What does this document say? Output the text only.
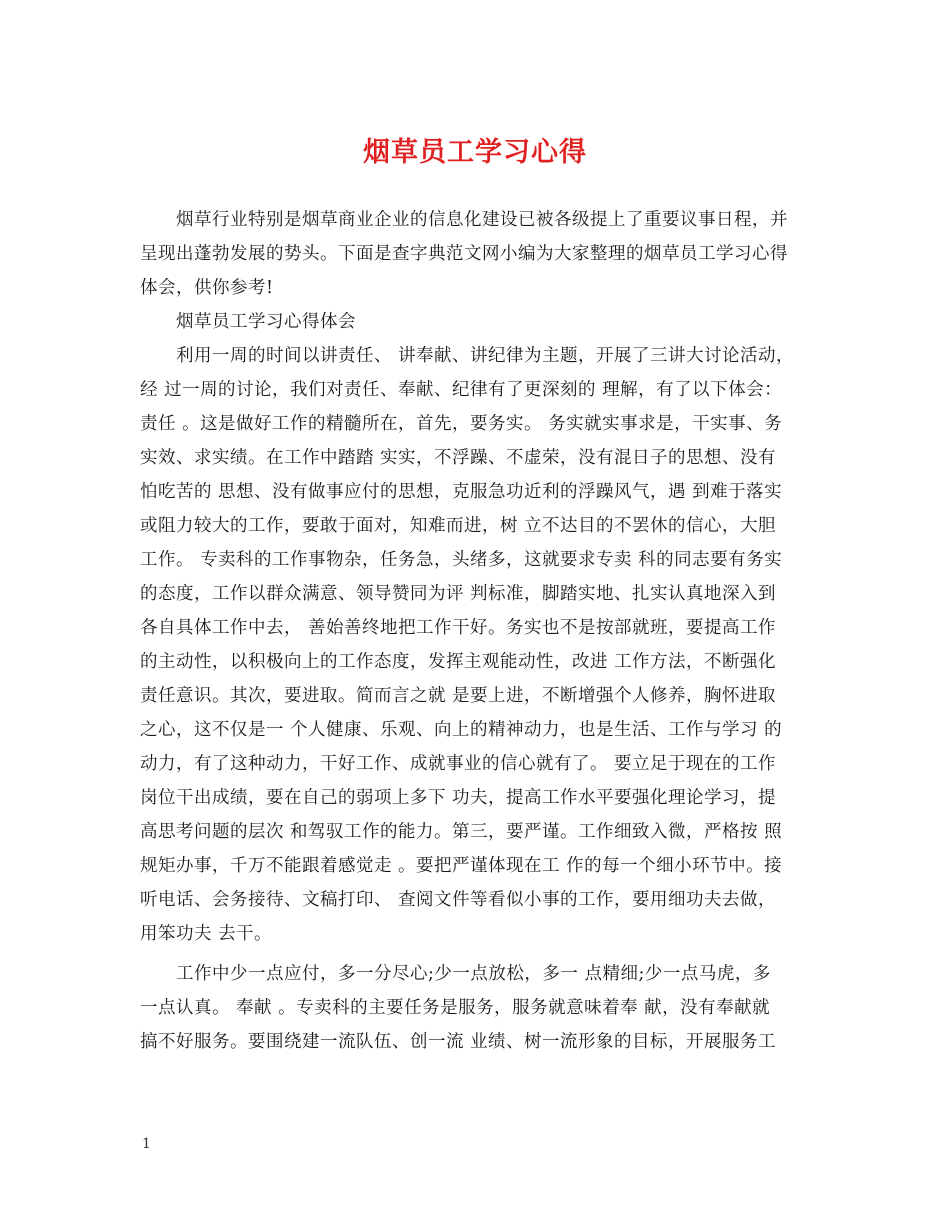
烟草员工学习心得
烟草行业特别是烟草商业企业的信息化建设已被各级提上了重要议事日程，并
呈现出蓬勃发展的势头。下面是查字典范文网小编为大家整理的烟草员工学习心得
体会，供你参考!
烟草员工学习心得体会
利用一周的时间以讲责任、 讲奉献、讲纪律为主题，开展了三讲大讨论活动，
经 过一周的讨论，我们对责任、奉献、纪律有了更深刻的 理解，有了以下体会：
责任 。这是做好工作的精髓所在，首先，要务实。 务实就实事求是，干实事、务
实效、求实绩。在工作中踏踏 实实，不浮躁、不虚荣，没有混日子的思想、没有
怕吃苦的 思想、没有做事应付的思想，克服急功近利的浮躁风气，遇 到难于落实
或阻力较大的工作，要敢于面对，知难而进，树 立不达目的不罢休的信心，大胆
工作。 专卖科的工作事物杂，任务急，头绪多，这就要求专卖 科的同志要有务实
的态度，工作以群众满意、领导赞同为评 判标准，脚踏实地、扎实认真地深入到
各自具体工作中去， 善始善终地把工作干好。务实也不是按部就班，要提高工作
的主动性，以积极向上的工作态度，发挥主观能动性，改进 工作方法，不断强化
责任意识。其次，要进取。简而言之就 是要上进，不断增强个人修养，胸怀进取
之心，这不仅是一 个人健康、乐观、向上的精神动力，也是生活、工作与学习 的
动力，有了这种动力，干好工作、成就事业的信心就有了。 要立足于现在的工作
岗位干出成绩，要在自己的弱项上多下 功夫，提高工作水平要强化理论学习，提
高思考问题的层次 和驾驭工作的能力。第三，要严谨。工作细致入微，严格按 照
规矩办事，千万不能跟着感觉走 。要把严谨体现在工 作的每一个细小环节中。接
听电话、会务接待、文稿打印、 查阅文件等看似小事的工作，要用细功夫去做，
用笨功夫 去干。
工作中少一点应付，多一分尽心;少一点放松，多一 点精细;少一点马虎，多
一点认真。 奉献 。专卖科的主要任务是服务，服务就意味着奉 献，没有奉献就
搞不好服务。要围绕建一流队伍、创一流 业绩、树一流形象的目标，开展服务工
1
